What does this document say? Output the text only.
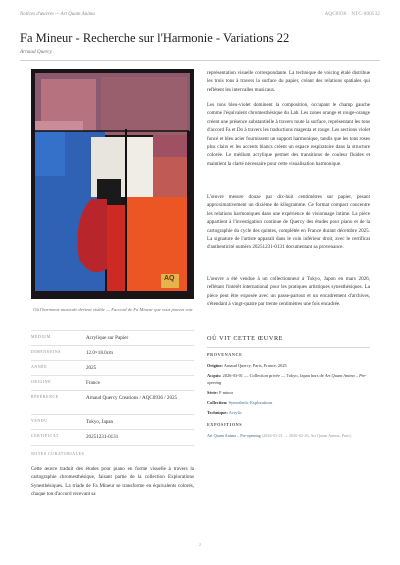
Notices d'œuvres — Art Quam Anima	AQC0936 · NTC-000532
Fa Mineur - Recherche sur l'Harmonie - Variations 22
Arnaud Quercy
AQ
Où l'harmonie musicale devient visible — Faccord de Fa Mineur que vous pouvez voir
MÉDIUM	Acrylique sur Papier
DIMENSIONS	12.0×18.0cm
ANNÉE	2025
ORIGINE	France
RÉFÉRENCE	Arnaud Quercy Creations / AQC0936 / 2025
VENDU	Tokyo, Japan
CERTIFICAT	20251231-0131
NOTES CURATORIALES
Cette œuvre traduit des études pour piano en forme visuelle à travers la cartographie chromesthésique, faisant partie de la collection Explorations Synesthésiques. La triade de Fa Mineur se transforme en équivalents colorés, chaque ton d'accord recevant sa
représentation visuelle correspondante. La technique de voicing étalé distribue les trois tons à travers la surface du papier, créant des relations spatiales qui reflètent les intervalles musicaux.
Les tons bleu-violet dominent la composition, occupant le champ gauche comme l'équivalent chromesthésique du Lab. Les zones orange et rouge-orange créent une présence substantielle à travers toute la surface, représentant les tons d'accord Fa et Do à travers les traductions magenta et rouge. Les sections violet foncé et bleu acier fournissent un support harmonique, tandis que les tons roses plus clairs et les accents blancs créent un espace respiratoire dans la structure colorée. Le médium acrylique permet des transitions de couleur fluides et maintient la clarté nécessaire pour cette visualisation harmonique.
L'œuvre mesure douze par dix-huit centimètres sur papier, pesant approximativement un dixième de kilogramme. Ce format compact concentre les relations harmoniques dans une expérience de visionnage intime. La pièce appartient à l'investigation continue de Quercy des études pour piano et de la cartographie du cycle des quintes, complétée en France durant décembre 2025. La signature de l'artiste apparaît dans le coin inférieur droit, avec le certificat d'authenticité numéro 20251231-0131 documentant sa provenance.
L'œuvre a été vendue à un collectionneur à Tokyo, Japon en mars 2026, reflétant l'intérêt international pour les pratiques artistiques synesthésiques. La pièce peut être exposée avec un passe-partout et un encadrement d'archives, s'étendant à vingt-quatre par trente centimètres une fois encadrée.
OÙ VIT CETTE ŒUVRE
PROVENANCE
Origine: Arnaud Quercy, Paris, France, 2025
Acquis: 2026-03-01 — Collection privée — Tokyo, Japan hors de Art Quam Anima – Pre-opening
Série: F minor
Collection: Synesthetic Explorations
Technique: Acrylic
EXPOSITIONS
Art Quam Anima – Pre-opening (2026-01-21 → 2026-02-26, Art Quam Anima, Paris)
2
